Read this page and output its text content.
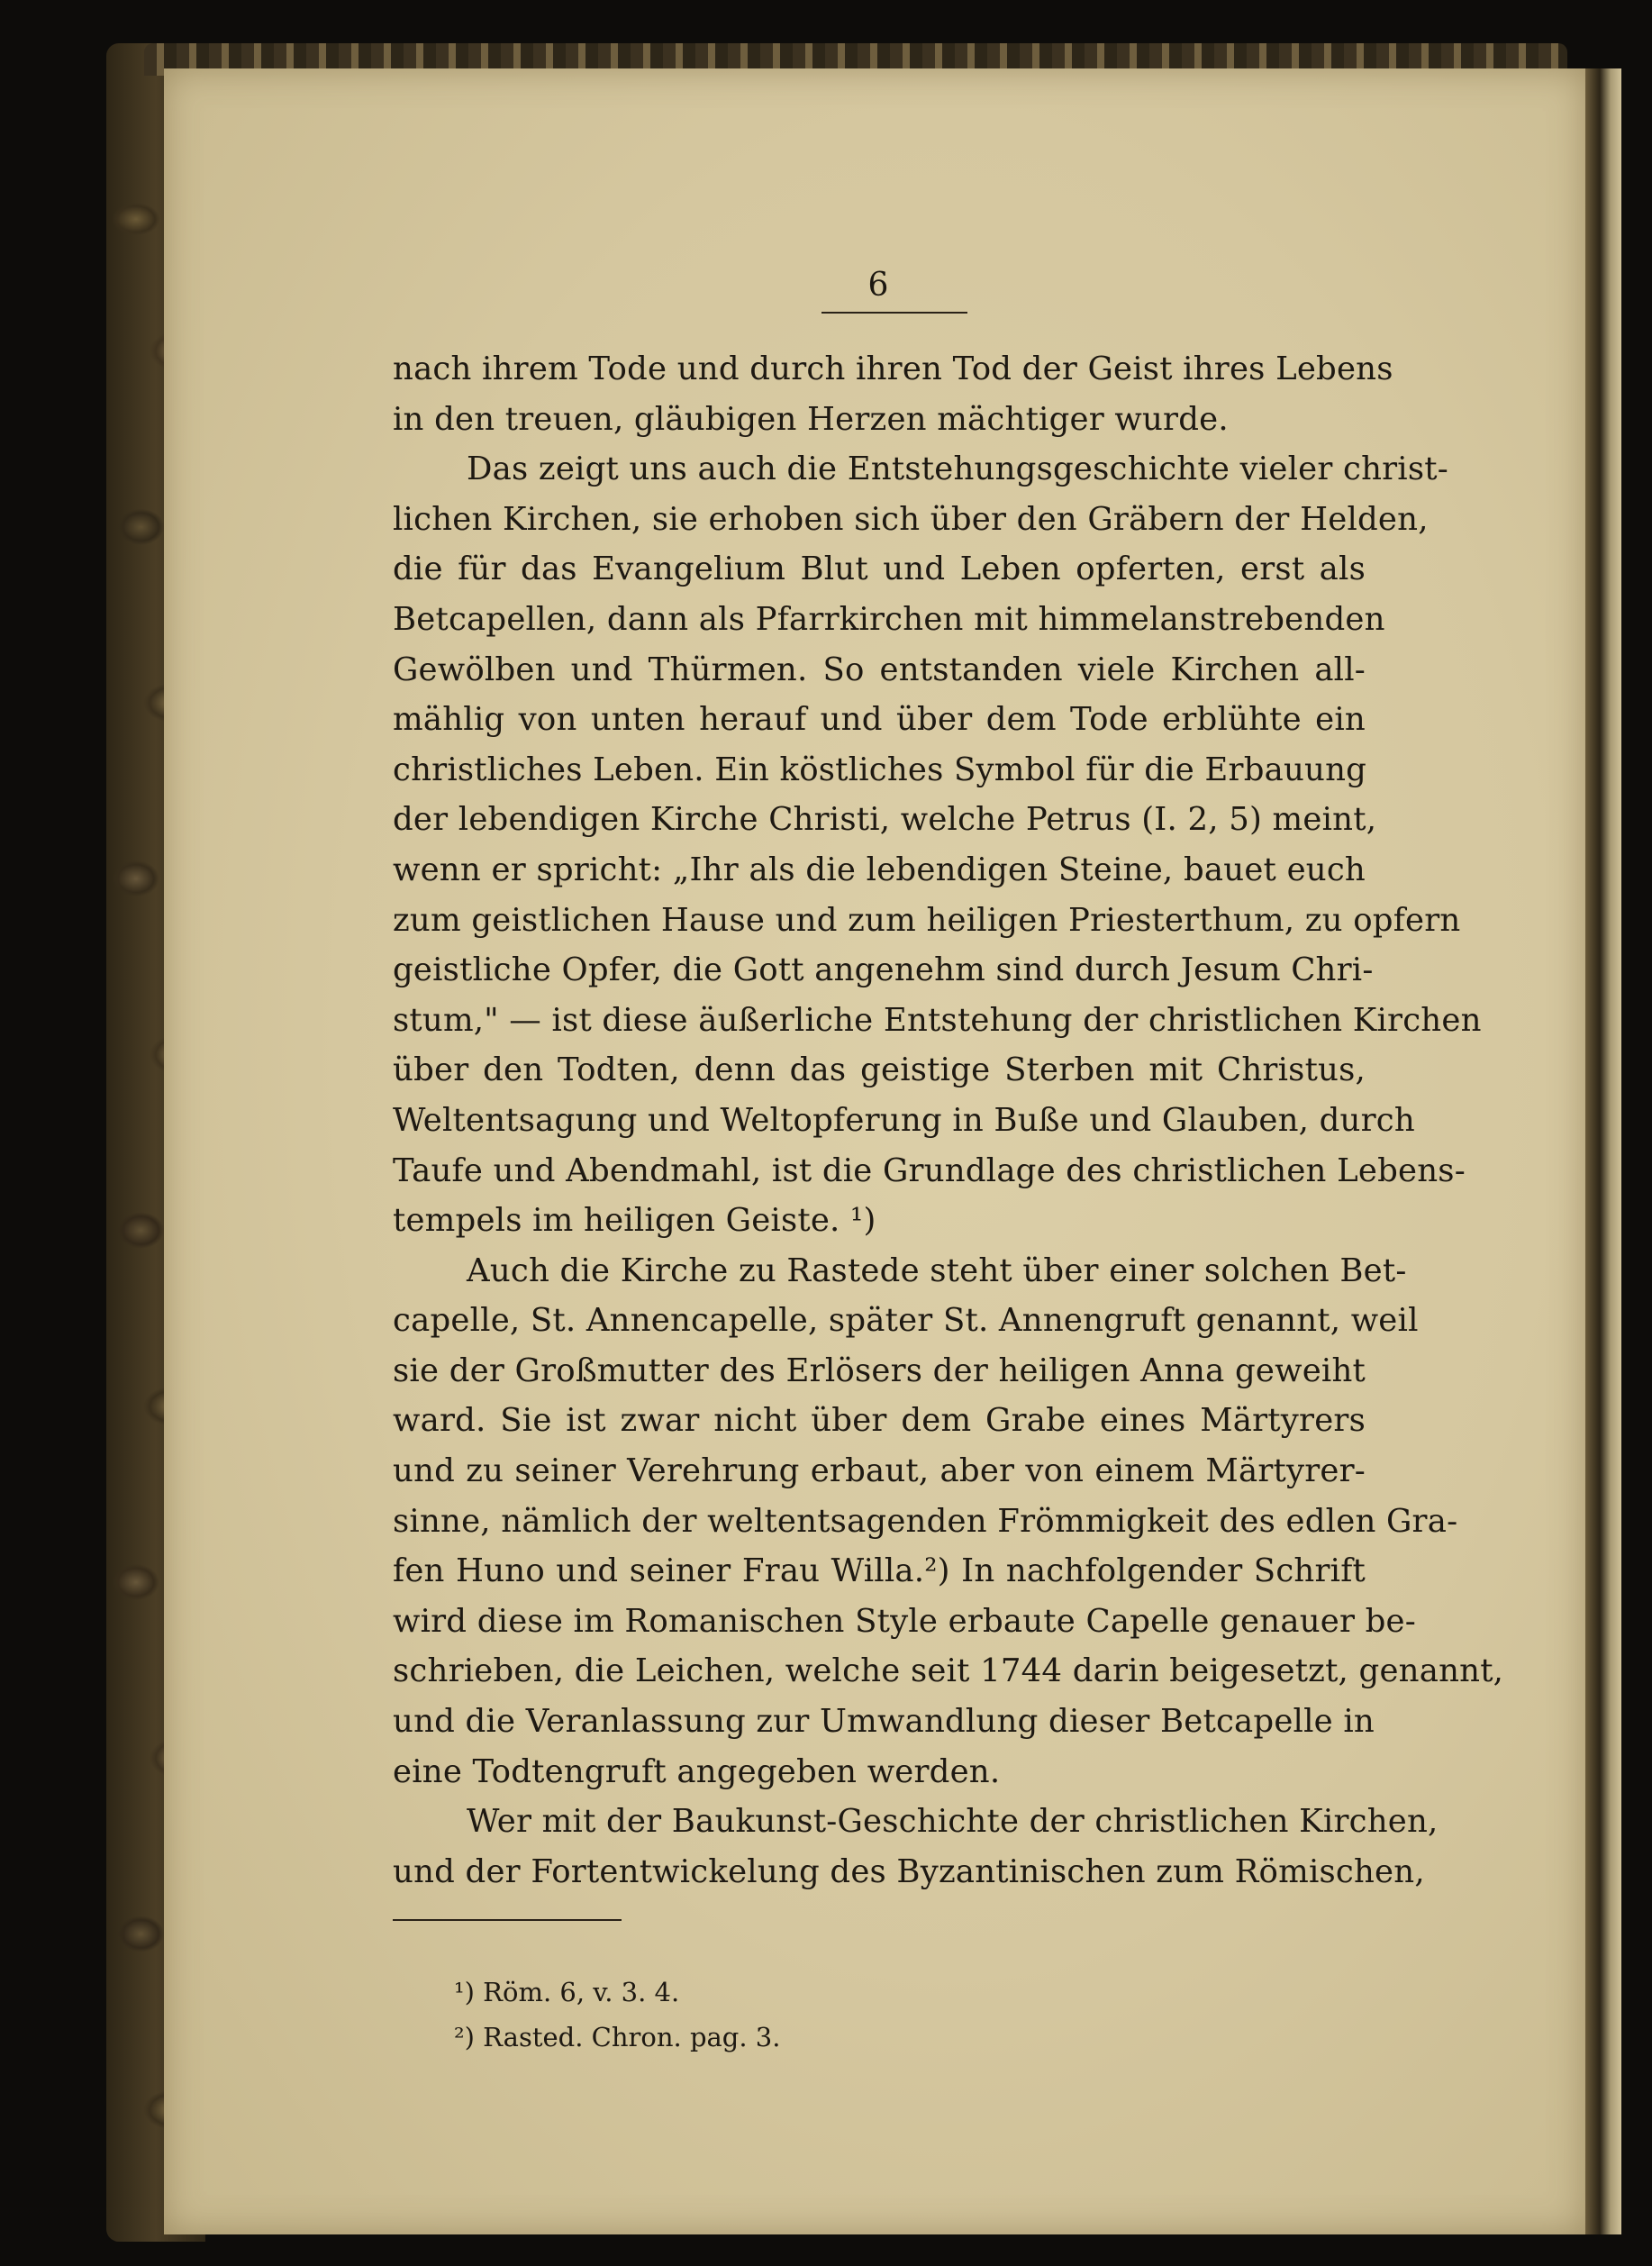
6
nach ihrem Tode und durch ihren Tod der Geist ihres Lebens
in den treuen, gläubigen Herzen mächtiger wurde.
Das zeigt uns auch die Entstehungsgeschichte vieler christ-
lichen Kirchen, sie erhoben sich über den Gräbern der Helden,
die für das Evangelium Blut und Leben opferten, erst als
Betcapellen, dann als Pfarrkirchen mit himmelanstrebenden
Gewölben und Thürmen. So entstanden viele Kirchen all-
mählig von unten herauf und über dem Tode erblühte ein
christliches Leben. Ein köstliches Symbol für die Erbauung
der lebendigen Kirche Christi, welche Petrus (I. 2, 5) meint,
wenn er spricht: „Ihr als die lebendigen Steine, bauet euch
zum geistlichen Hause und zum heiligen Priesterthum, zu opfern
geistliche Opfer, die Gott angenehm sind durch Jesum Chri-
stum," — ist diese äußerliche Entstehung der christlichen Kirchen
über den Todten, denn das geistige Sterben mit Christus,
Weltentsagung und Weltopferung in Buße und Glauben, durch
Taufe und Abendmahl, ist die Grundlage des christlichen Lebens-
tempels im heiligen Geiste. ¹)
Auch die Kirche zu Rastede steht über einer solchen Bet-
capelle, St. Annencapelle, später St. Annengruft genannt, weil
sie der Großmutter des Erlösers der heiligen Anna geweiht
ward. Sie ist zwar nicht über dem Grabe eines Märtyrers
und zu seiner Verehrung erbaut, aber von einem Märtyrer-
sinne, nämlich der weltentsagenden Frömmigkeit des edlen Gra-
fen Huno und seiner Frau Willa.²) In nachfolgender Schrift
wird diese im Romanischen Style erbaute Capelle genauer be-
schrieben, die Leichen, welche seit 1744 darin beigesetzt, genannt,
und die Veranlassung zur Umwandlung dieser Betcapelle in
eine Todtengruft angegeben werden.
Wer mit der Baukunst-Geschichte der christlichen Kirchen,
und der Fortentwickelung des Byzantinischen zum Römischen,
¹) Röm. 6, v. 3. 4.
²) Rasted. Chron. pag. 3.
